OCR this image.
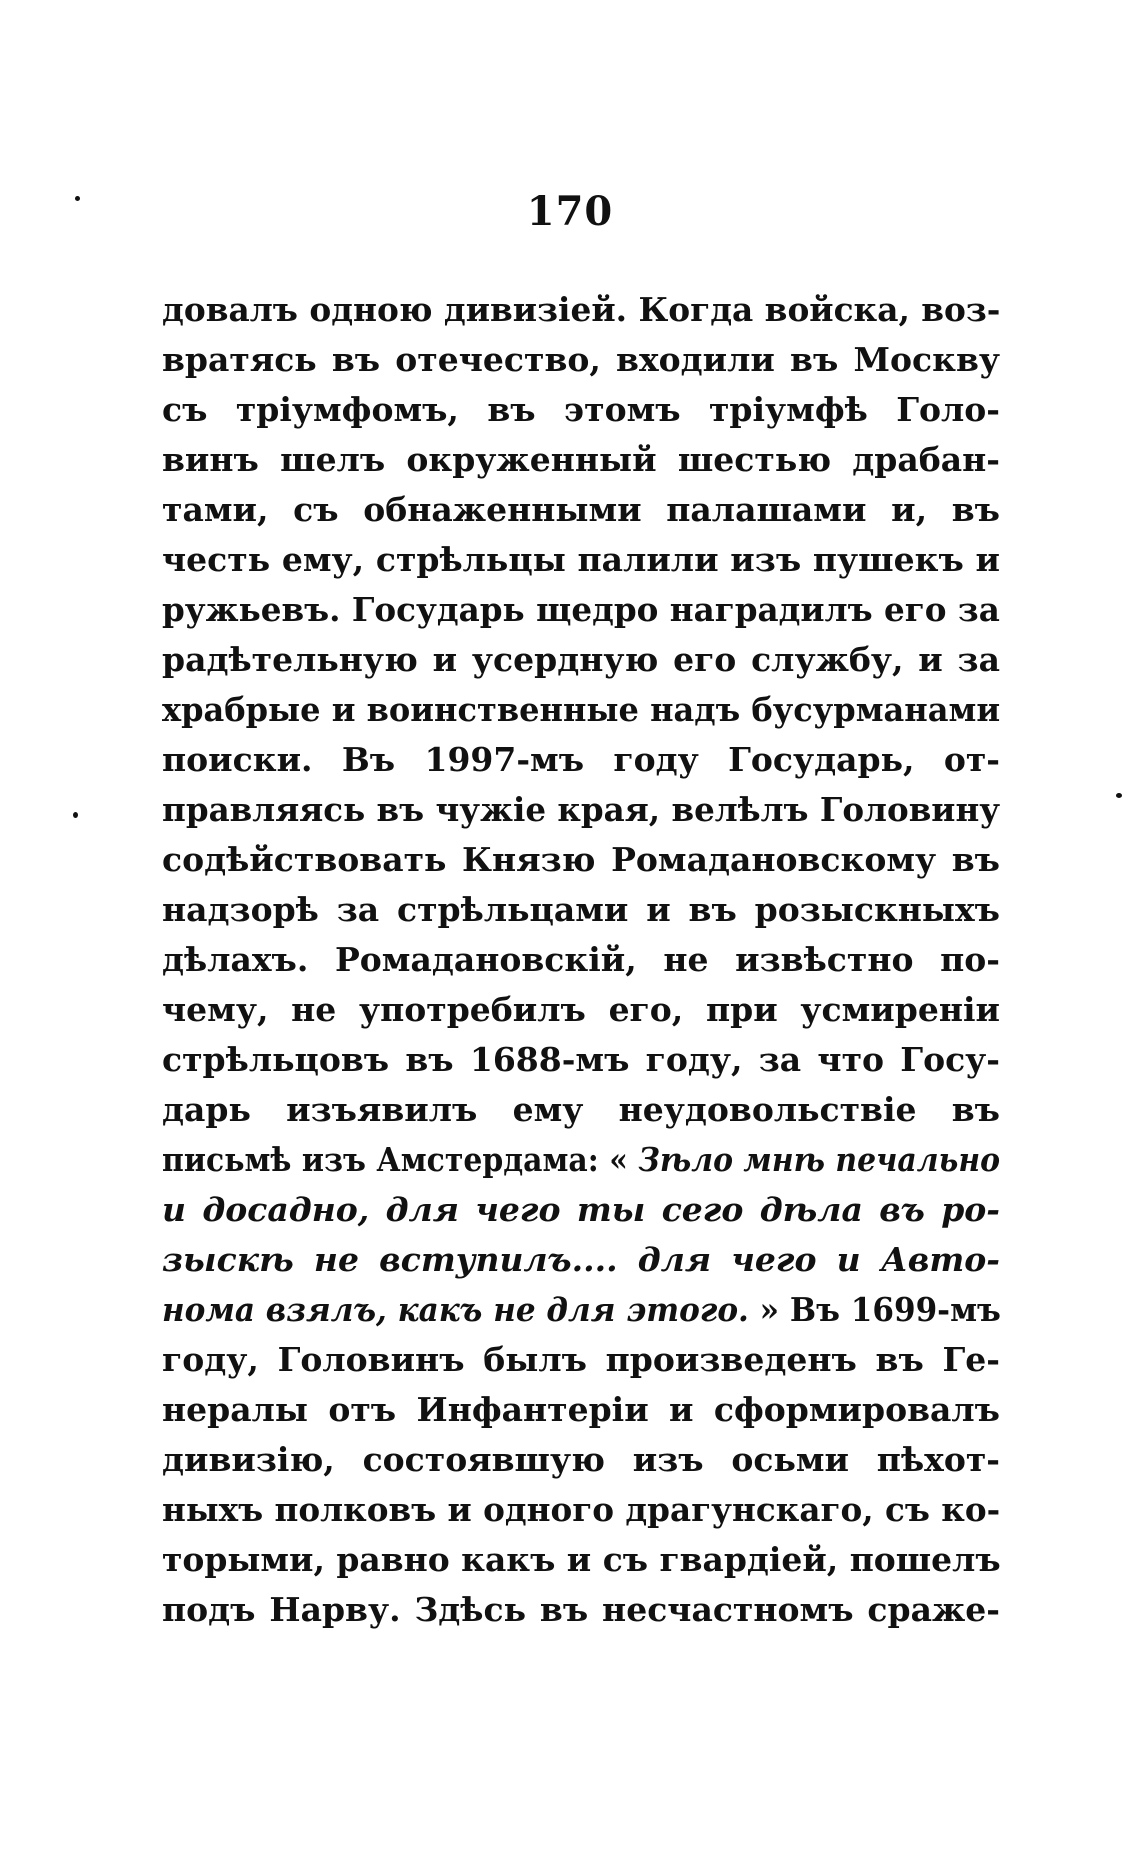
170
довалъ одною дивизіей. Когда войска, воз-
вратясь въ отечество, входили въ Москву
съ тріумфомъ, въ этомъ тріумфѣ Голо-
винъ шелъ окруженный шестью драбан-
тами, съ обнаженными палашами и, въ
честь ему, стрѣльцы палили изъ пушекъ и
ружьевъ. Государь щедро наградилъ его за
радѣтельную и усердную его службу, и за
храбрые и воинственные надъ бусурманами
поиски. Въ 1997-мъ году Государь, от-
правляясь въ чужіе края, велѣлъ Головину
содѣйствовать Князю Ромадановскому въ
надзорѣ за стрѣльцами и въ розыскныхъ
дѣлахъ. Ромадановскій, не извѣстно по-
чему, не употребилъ его, при усмиреніи
стрѣльцовъ въ 1688-мъ году, за что Госу-
дарь изъявилъ ему неудовольствіе въ
письмѣ изъ Амстердама: « Зѣло мнѣ печально
и досадно, для чего ты сего дѣла въ ро-
зыскѣ не вступилъ.... для чего и Авто-
нома взялъ, какъ не для этого. » Въ 1699-мъ
году, Головинъ былъ произведенъ въ Ге-
нералы отъ Инфантеріи и сформировалъ
дивизію, состоявшую изъ осьми пѣхот-
ныхъ полковъ и одного драгунскаго, съ ко-
торыми, равно какъ и съ гвардіей, пошелъ
подъ Нарву. Здѣсь въ несчастномъ сраже-
